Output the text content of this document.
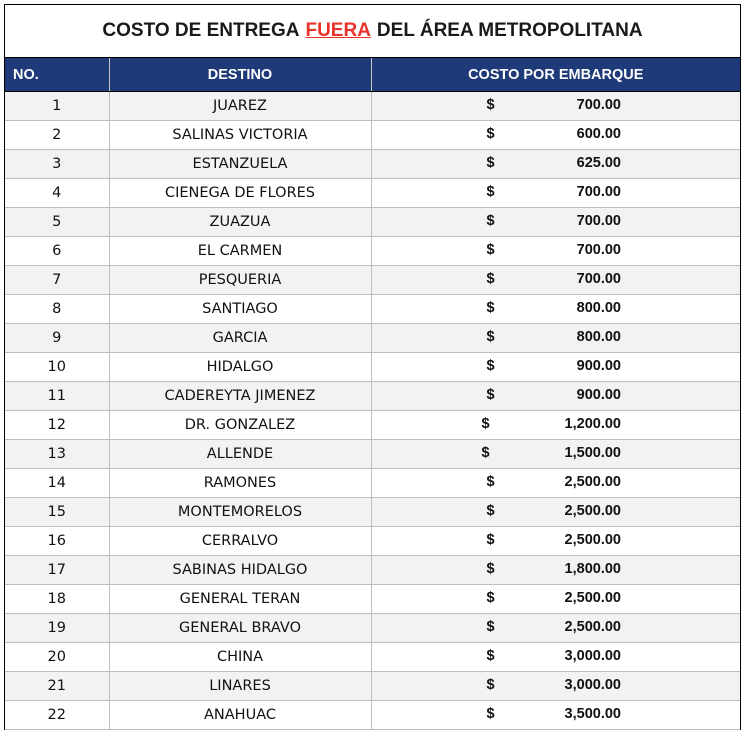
COSTO DE ENTREGA FUERA DEL ÁREA METROPOLITANA
NO.	DESTINO	COSTO POR EMBARQUE
1	JUAREZ	$ 700.00

2	SALINAS VICTORIA	$ 600.00

3	ESTANZUELA	$ 625.00

4	CIENEGA DE FLORES	$ 700.00

5	ZUAZUA	$ 700.00

6	EL CARMEN	$ 700.00

7	PESQUERIA	$ 700.00

8	SANTIAGO	$ 800.00

9	GARCIA	$ 800.00

10	HIDALGO	$ 900.00

11	CADEREYTA JIMENEZ	$ 900.00

12	DR. GONZALEZ	$ 1,200.00

13	ALLENDE	$ 1,500.00

14	RAMONES	$ 2,500.00

15	MONTEMORELOS	$ 2,500.00

16	CERRALVO	$ 2,500.00

17	SABINAS HIDALGO	$ 1,800.00

18	GENERAL TERAN	$ 2,500.00

19	GENERAL BRAVO	$ 2,500.00

20	CHINA	$ 3,000.00

21	LINARES	$ 3,000.00

22	ANAHUAC	$ 3,500.00
